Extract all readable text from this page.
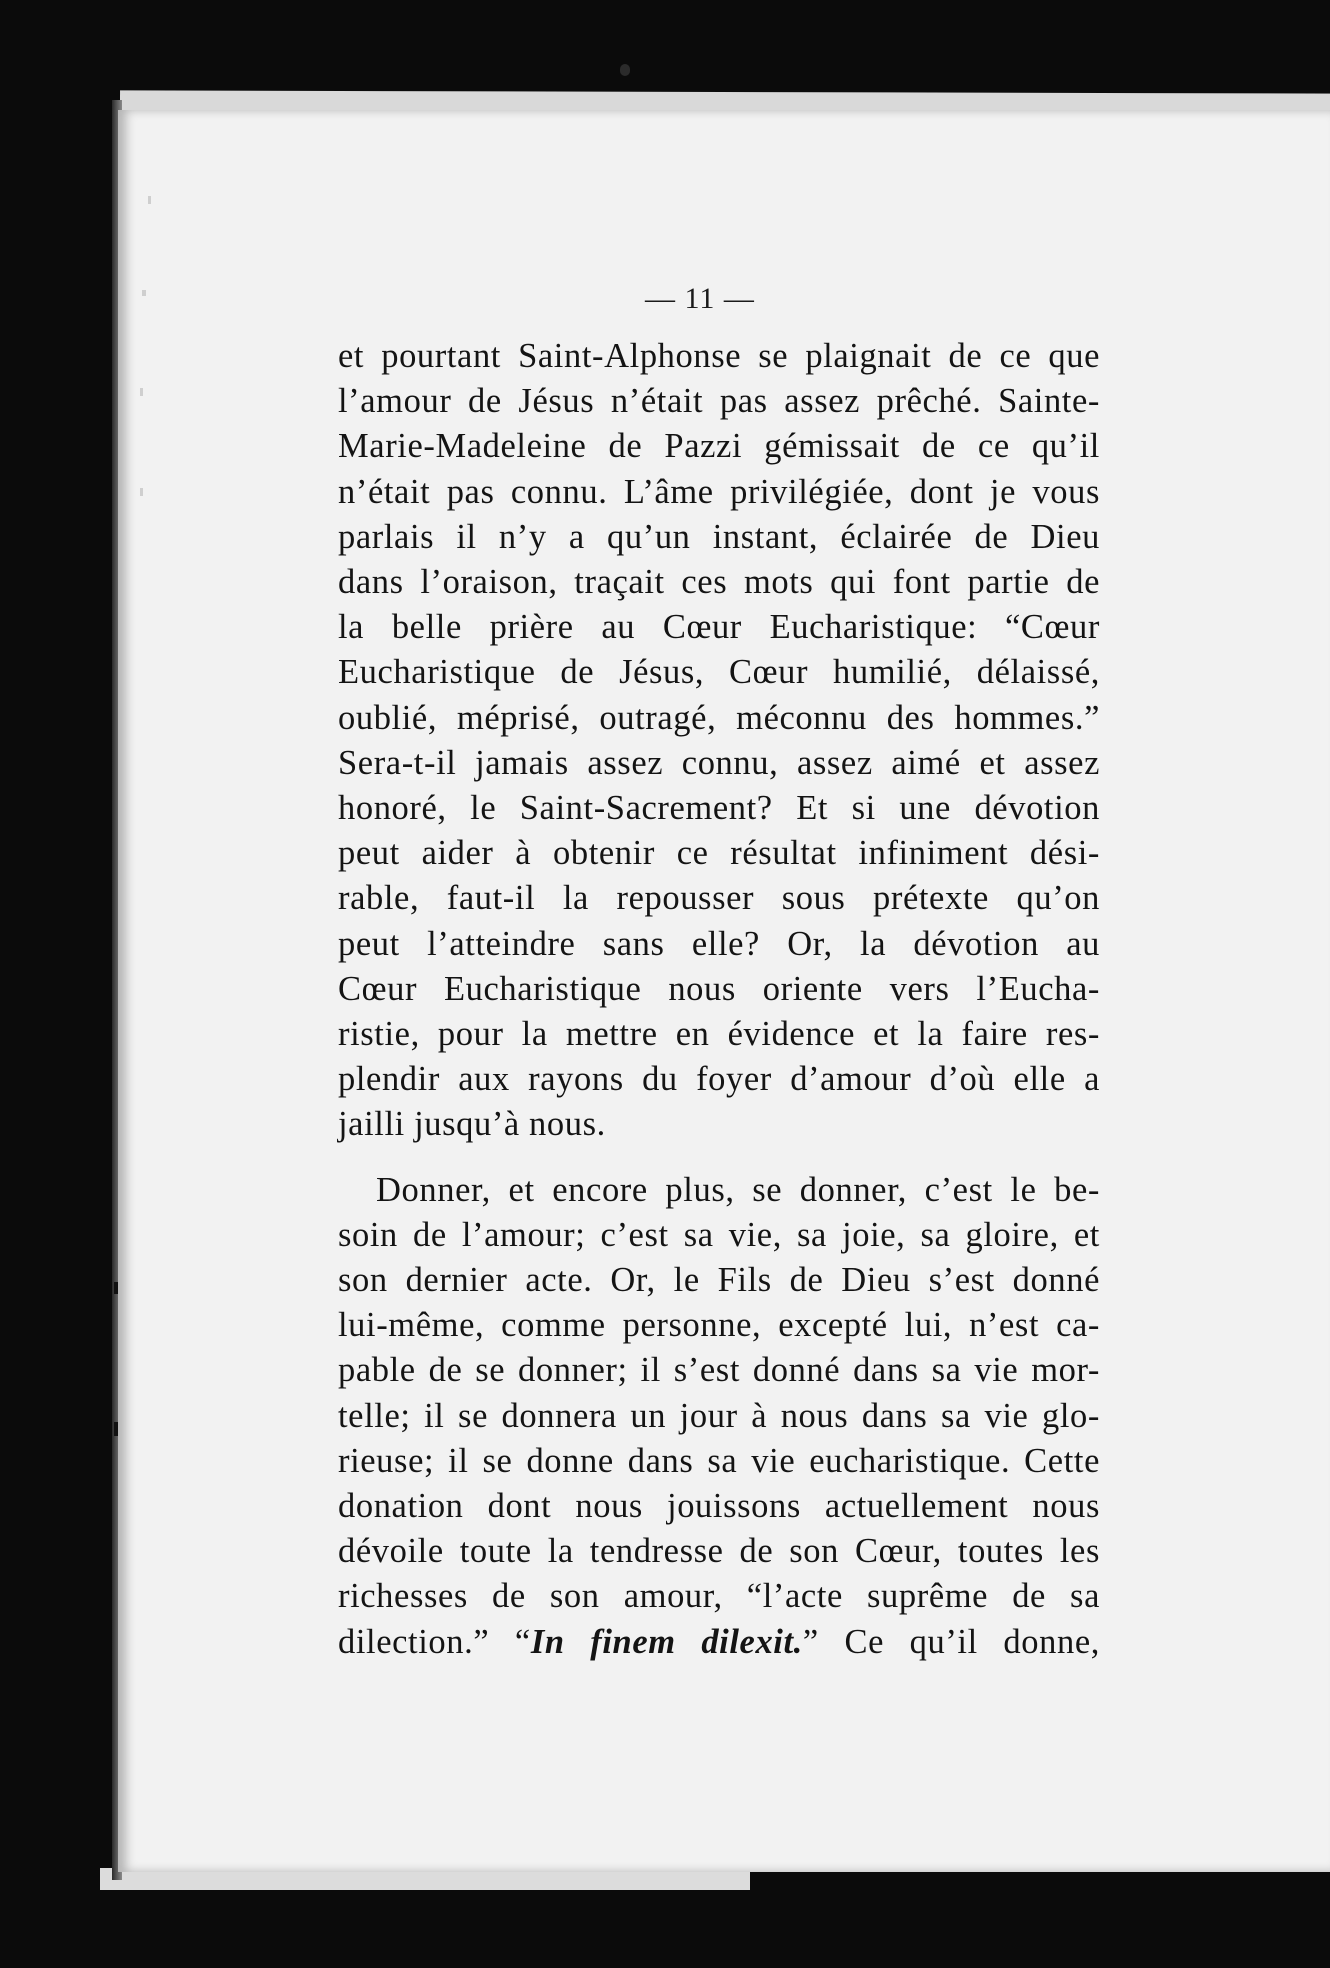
— 11 —
et pourtant Saint-Alphonse se plaignait de ce que
l’amour de Jésus n’était pas assez prêché. Sainte-
Marie-Madeleine de Pazzi gémissait de ce qu’il
n’était pas connu. L’âme privilégiée, dont je vous
parlais il n’y a qu’un instant, éclairée de Dieu
dans l’oraison, traçait ces mots qui font partie de
la belle prière au Cœur Eucharistique: “Cœur
Eucharistique de Jésus, Cœur humilié, délaissé,
oublié, méprisé, outragé, méconnu des hommes.”
Sera-t-il jamais assez connu, assez aimé et assez
honoré, le Saint-Sacrement? Et si une dévotion
peut aider à obtenir ce résultat infiniment dési-
rable, faut-il la repousser sous prétexte qu’on
peut l’atteindre sans elle? Or, la dévotion au
Cœur Eucharistique nous oriente vers l’Eucha-
ristie, pour la mettre en évidence et la faire res-
plendir aux rayons du foyer d’amour d’où elle a
jailli jusqu’à nous.
Donner, et encore plus, se donner, c’est le be-
soin de l’amour; c’est sa vie, sa joie, sa gloire, et
son dernier acte. Or, le Fils de Dieu s’est donné
lui-même, comme personne, excepté lui, n’est ca-
pable de se donner; il s’est donné dans sa vie mor-
telle; il se donnera un jour à nous dans sa vie glo-
rieuse; il se donne dans sa vie eucharistique. Cette
donation dont nous jouissons actuellement nous
dévoile toute la tendresse de son Cœur, toutes les
richesses de son amour, “l’acte suprême de sa
dilection.” “In finem dilexit.” Ce qu’il donne,
